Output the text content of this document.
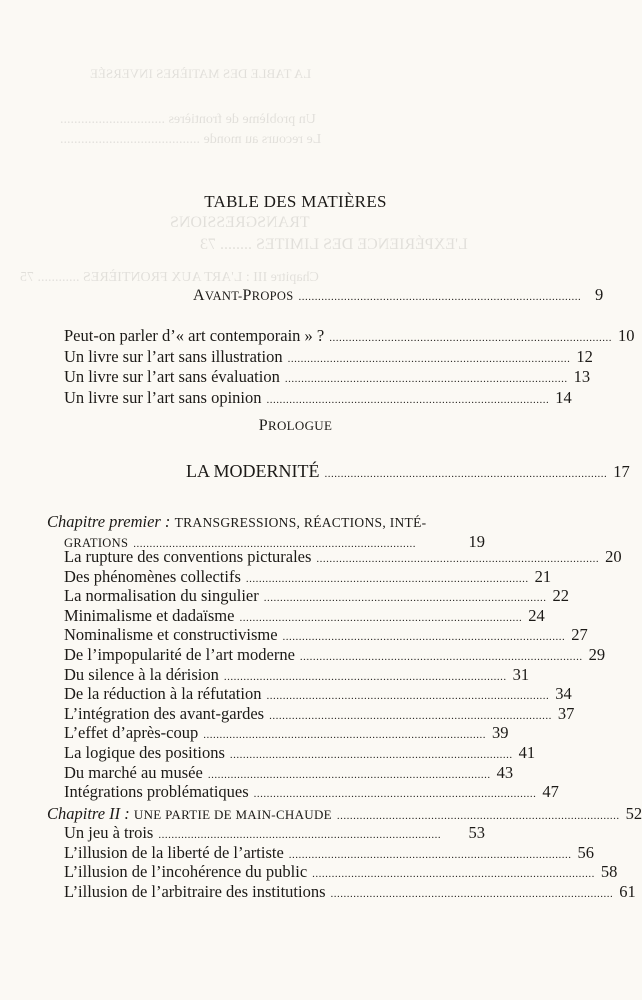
LA TABLE DES MATIÈRES INVERSÉE
Un problème de frontières ..............................
Le recours au monde ........................................
TRANSGRESSIONS
L'EXPÉRIENCE DES LIMITES ........ 73
Chapitre III : L'ART AUX FRONTIÈRES ............ 75
TABLE DES MATIÈRES
AVANT-PROPOS ....................................................................................... 9
Peut-on parler d’« art contemporain » ? ....................................................................................... 10
Un livre sur l’art sans illustration ....................................................................................... 12
Un livre sur l’art sans évaluation ....................................................................................... 13
Un livre sur l’art sans opinion ....................................................................................... 14
PROLOGUE
LA MODERNITÉ ....................................................................................... 17
Chapitre premier : TRANSGRESSIONS, RÉACTIONS, INTÉ-
GRATIONS .......................................................................................	19
La rupture des conventions picturales ....................................................................................... 20
Des phénomènes collectifs ....................................................................................... 21
La normalisation du singulier ....................................................................................... 22
Minimalisme et dadaïsme ....................................................................................... 24
Nominalisme et constructivisme ....................................................................................... 27
De l’impopularité de l’art moderne ....................................................................................... 29
Du silence à la dérision ....................................................................................... 31
De la réduction à la réfutation ....................................................................................... 34
L’intégration des avant-gardes ....................................................................................... 37
L’effet d’après-coup ....................................................................................... 39
La logique des positions ....................................................................................... 41
Du marché au musée ....................................................................................... 43
Intégrations problématiques ....................................................................................... 47
Chapitre II : UNE PARTIE DE MAIN-CHAUDE ....................................................................................... 52
Un jeu à trois .......................................................................................	53
L’illusion de la liberté de l’artiste ....................................................................................... 56
L’illusion de l’incohérence du public ....................................................................................... 58
L’illusion de l’arbitraire des institutions ....................................................................................... 61
